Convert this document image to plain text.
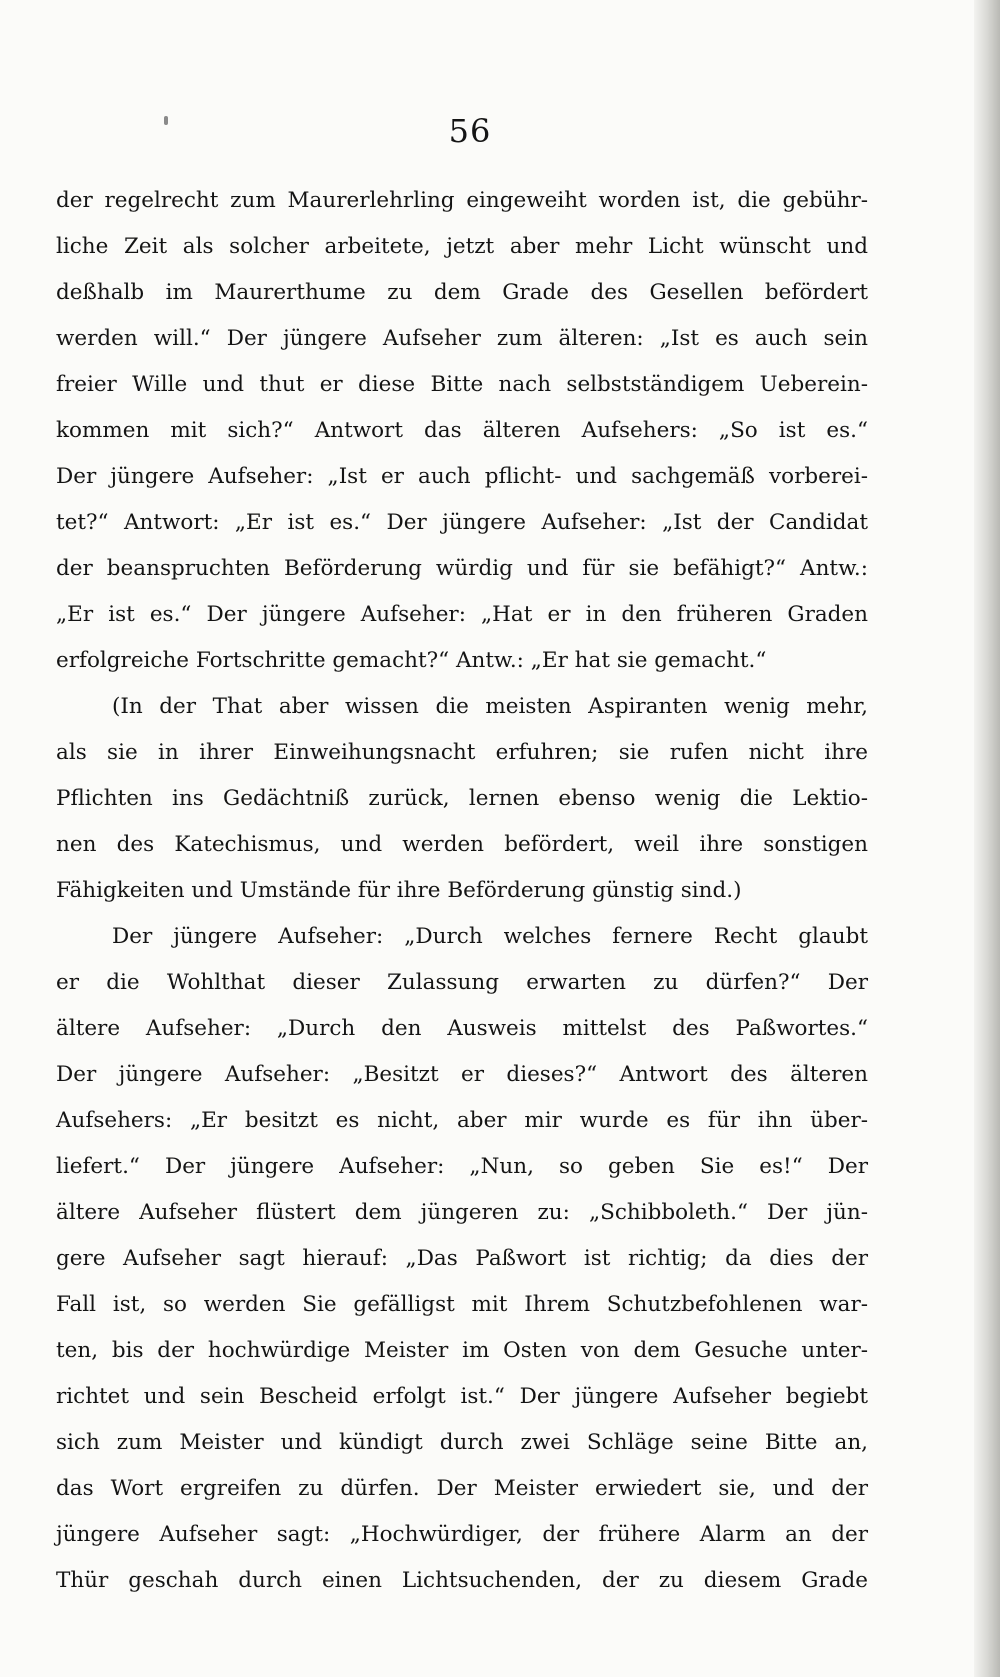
56
der regelrecht zum Maurerlehrling eingeweiht worden ist, die gebühr-
liche Zeit als solcher arbeitete, jetzt aber mehr Licht wünscht und
deßhalb im Maurerthume zu dem Grade des Gesellen befördert
werden will.“ Der jüngere Aufseher zum älteren: „Ist es auch sein
freier Wille und thut er diese Bitte nach selbstständigem Ueberein-
kommen mit sich?“ Antwort das älteren Aufsehers: „So ist es.“
Der jüngere Aufseher: „Ist er auch pflicht- und sachgemäß vorberei-
tet?“ Antwort: „Er ist es.“ Der jüngere Aufseher: „Ist der Candidat
der beanspruchten Beförderung würdig und für sie befähigt?“ Antw.:
„Er ist es.“ Der jüngere Aufseher: „Hat er in den früheren Graden
erfolgreiche Fortschritte gemacht?“ Antw.: „Er hat sie gemacht.“
(In der That aber wissen die meisten Aspiranten wenig mehr,
als sie in ihrer Einweihungsnacht erfuhren; sie rufen nicht ihre
Pflichten ins Gedächtniß zurück, lernen ebenso wenig die Lektio-
nen des Katechismus, und werden befördert, weil ihre sonstigen
Fähigkeiten und Umstände für ihre Beförderung günstig sind.)
Der jüngere Aufseher: „Durch welches fernere Recht glaubt
er die Wohlthat dieser Zulassung erwarten zu dürfen?“ Der
ältere Aufseher: „Durch den Ausweis mittelst des Paßwortes.“
Der jüngere Aufseher: „Besitzt er dieses?“ Antwort des älteren
Aufsehers: „Er besitzt es nicht, aber mir wurde es für ihn über-
liefert.“ Der jüngere Aufseher: „Nun, so geben Sie es!“ Der
ältere Aufseher flüstert dem jüngeren zu: „Schibboleth.“ Der jün-
gere Aufseher sagt hierauf: „Das Paßwort ist richtig; da dies der
Fall ist, so werden Sie gefälligst mit Ihrem Schutzbefohlenen war-
ten, bis der hochwürdige Meister im Osten von dem Gesuche unter-
richtet und sein Bescheid erfolgt ist.“ Der jüngere Aufseher begiebt
sich zum Meister und kündigt durch zwei Schläge seine Bitte an,
das Wort ergreifen zu dürfen. Der Meister erwiedert sie, und der
jüngere Aufseher sagt: „Hochwürdiger, der frühere Alarm an der
Thür geschah durch einen Lichtsuchenden, der zu diesem Grade
